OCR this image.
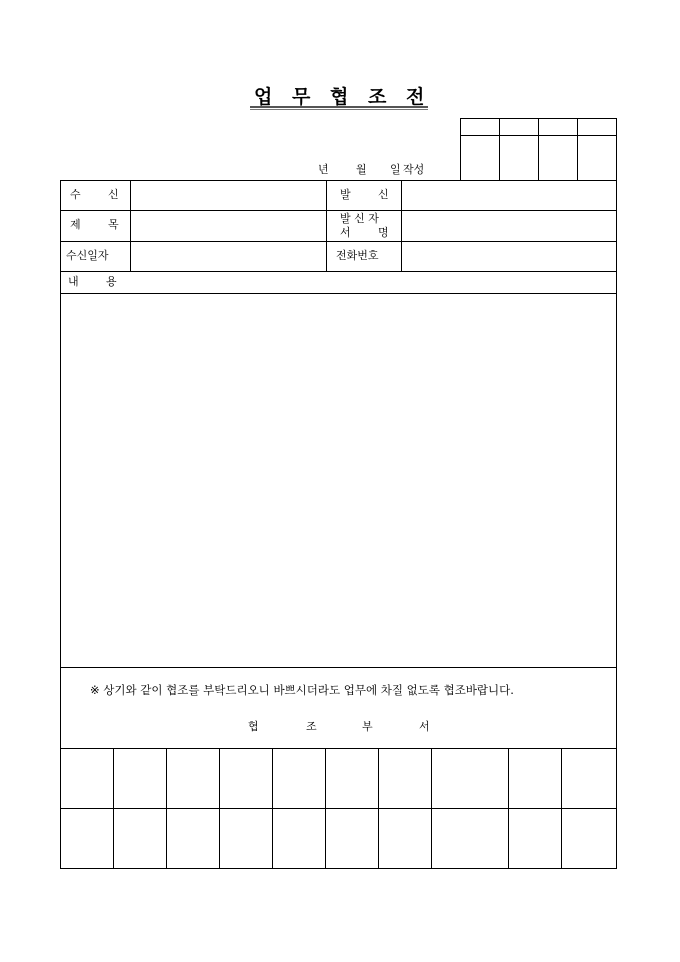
업 무 협 조 전
년 월 일 작성
수 신	발 신
제 목	발 신 자
서 명
수신일자	전화번호
내 용
※ 상기와 같이 협조를 부탁드리오니 바쁘시더라도 업무에 차질 없도록 협조바랍니다.
협	조	부	서
